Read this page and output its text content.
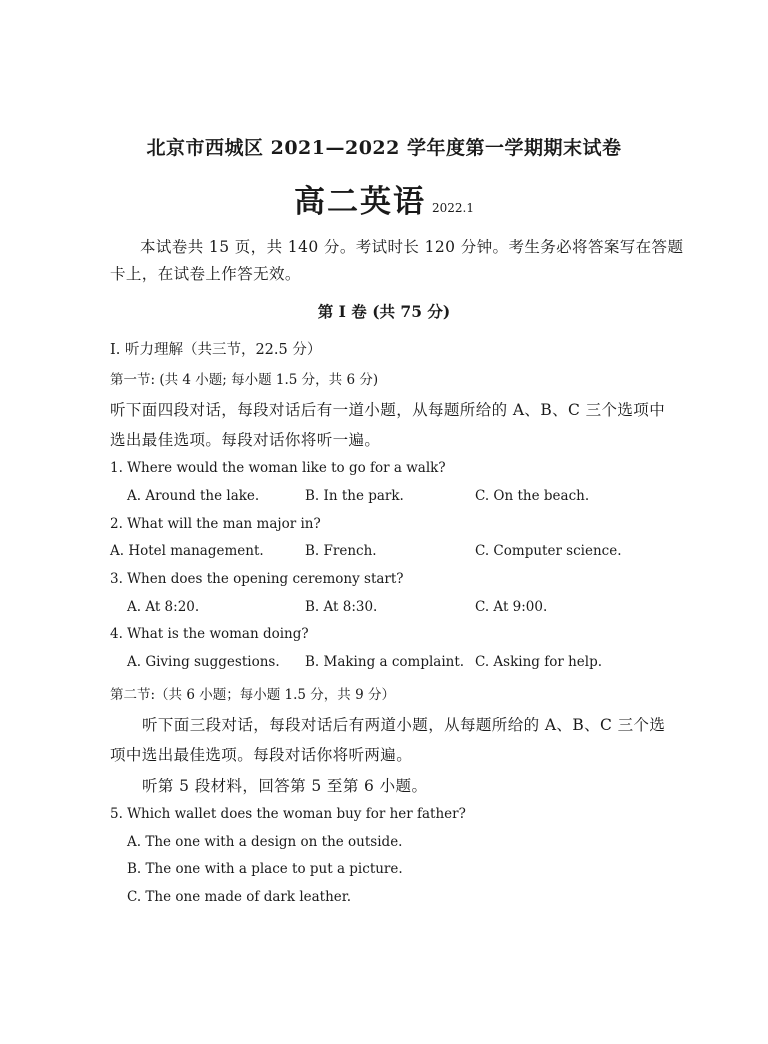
北京市西城区 2021—2022 学年度第一学期期末试卷
高二英语 2022.1
本试卷共 15 页，共 140 分。考试时长 120 分钟。考生务必将答案写在答题
卡上，在试卷上作答无效。
第 I 卷 (共 75 分)
I. 听力理解（共三节，22.5 分）
第一节: (共 4 小题; 每小题 1.5 分，共 6 分)
听下面四段对话，每段对话后有一道小题，从每题所给的 A、B、C 三个选项中
选出最佳选项。每段对话你将听一遍。
1. Where would the woman like to go for a walk?
A. Around the lake.	B. In the park.	C. On the beach.
2. What will the man major in?
A. Hotel management.	B. French.	C. Computer science.
3. When does the opening ceremony start?
A. At 8:20.	B. At 8:30.	C. At 9:00.
4. What is the woman doing?
A. Giving suggestions. B. Making a complaint. C. Asking for help.
第二节:（共 6 小题；每小题 1.5 分，共 9 分）
听下面三段对话，每段对话后有两道小题，从每题所给的 A、B、C 三个选
项中选出最佳选项。每段对话你将听两遍。
听第 5 段材料，回答第 5 至第 6 小题。
5. Which wallet does the woman buy for her father?
A. The one with a design on the outside.
B. The one with a place to put a picture.
C. The one made of dark leather.
